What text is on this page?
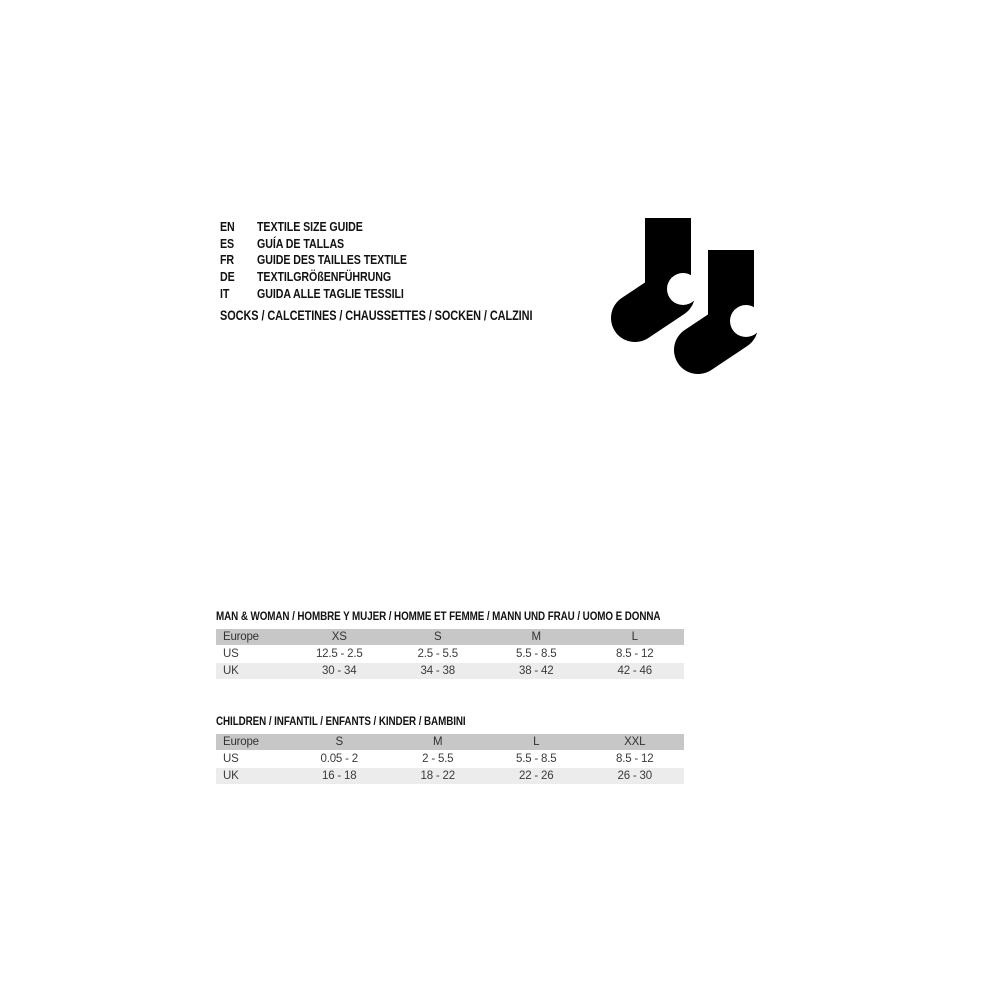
EN	TEXTILE SIZE GUIDE
ES	GUÍA DE TALLAS
FR	GUIDE DES TAILLES TEXTILE
DE	TEXTILGRÖßENFÜHRUNG
IT	GUIDA ALLE TAGLIE TESSILI
SOCKS / CALCETINES / CHAUSSETTES / SOCKEN / CALZINI
MAN & WOMAN / HOMBRE Y MUJER / HOMME ET FEMME / MANN UND FRAU / UOMO E DONNA
Europe	XS	S	M	L
US	12.5 - 2.5	2.5 - 5.5	5.5 - 8.5	8.5 - 12
UK	30 - 34	34 - 38	38 - 42	42 - 46
CHILDREN / INFANTIL / ENFANTS / KINDER / BAMBINI
Europe	S	M	L	XXL
US	0.05 - 2	2 - 5.5	5.5 - 8.5	8.5 - 12
UK	16 - 18	18 - 22	22 - 26	26 - 30
